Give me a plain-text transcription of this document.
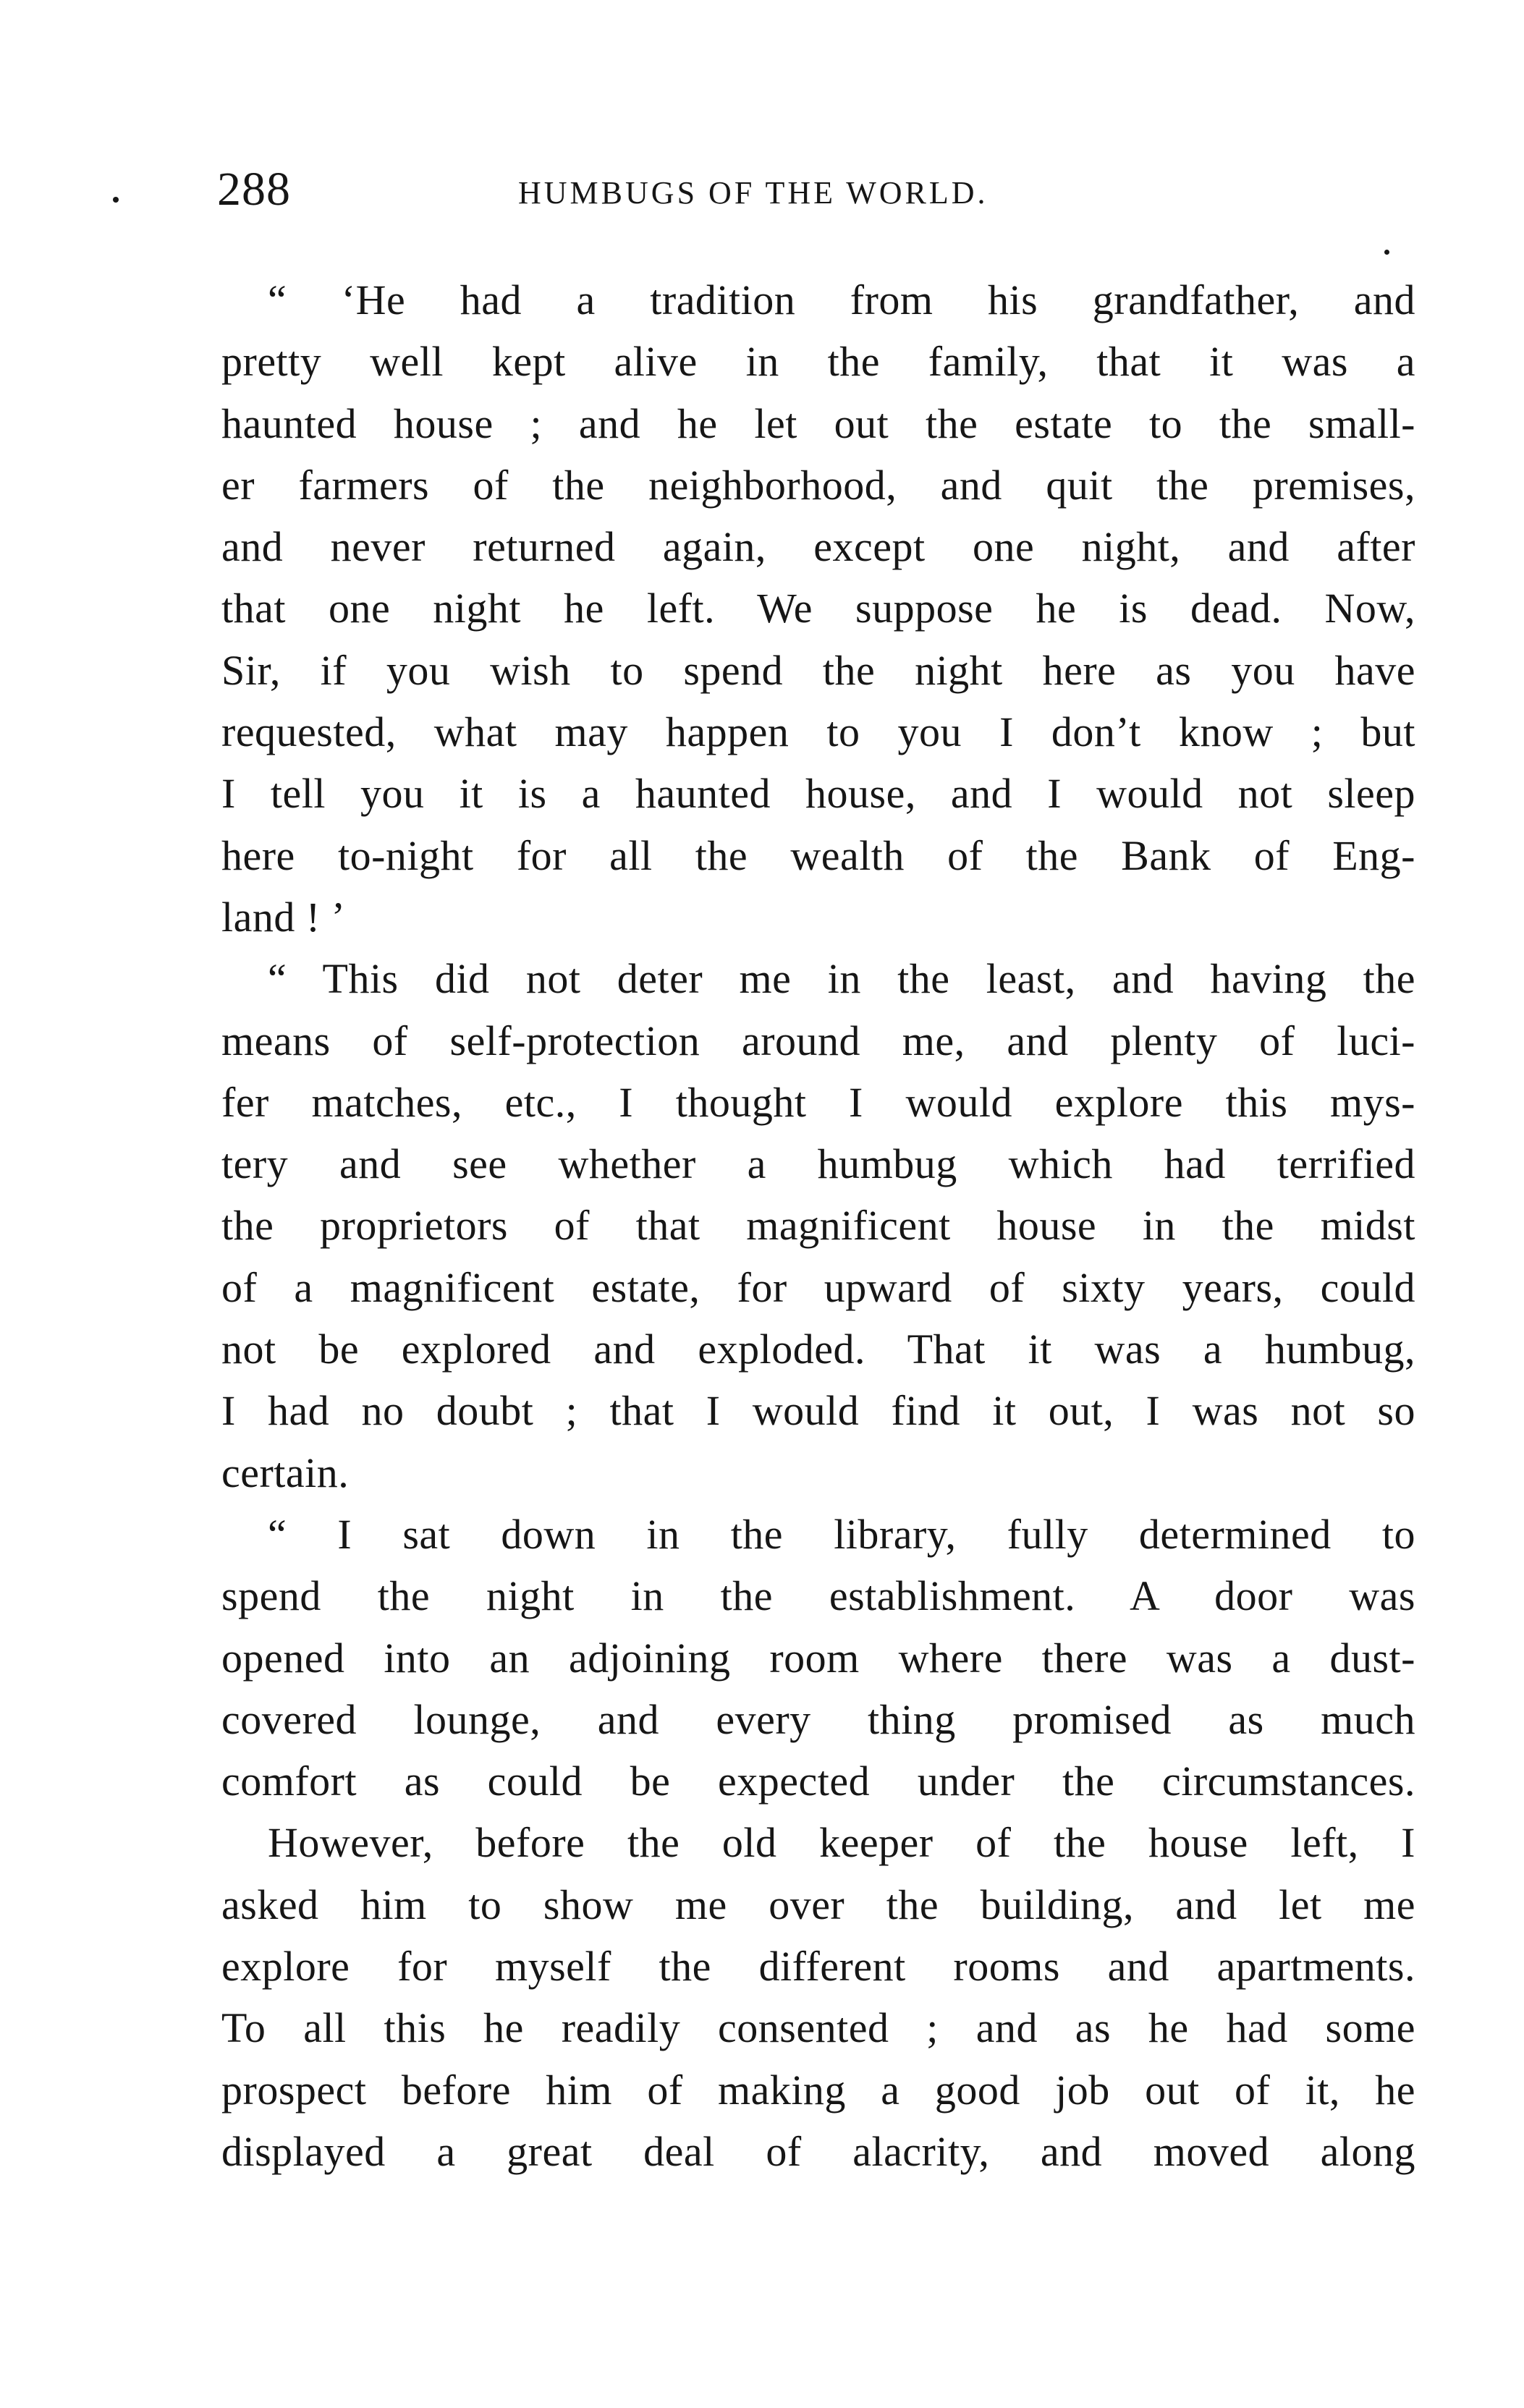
288	HUMBUGS OF THE WORLD.
“ ‘He had a tradition from his grandfather, and
pretty well kept alive in the family, that it was a
haunted house ; and he let out the estate to the small-
er farmers of the neighborhood, and quit the premises,
and never returned again, except one night, and after
that one night he left. We suppose he is dead. Now,
Sir, if you wish to spend the night here as you have
requested, what may happen to you I don’t know ; but
I tell you it is a haunted house, and I would not sleep
here to-night for all the wealth of the Bank of Eng-
land ! ’
“ This did not deter me in the least, and having the
means of self-protection around me, and plenty of luci-
fer matches, etc., I thought I would explore this mys-
tery and see whether a humbug which had terrified
the proprietors of that magnificent house in the midst
of a magnificent estate, for upward of sixty years, could
not be explored and exploded. That it was a humbug,
I had no doubt ; that I would find it out, I was not so
certain.
“ I sat down in the library, fully determined to
spend the night in the establishment. A door was
opened into an adjoining room where there was a dust-
covered lounge, and every thing promised as much
comfort as could be expected under the circumstances.
However, before the old keeper of the house left, I
asked him to show me over the building, and let me
explore for myself the different rooms and apartments.
To all this he readily consented ; and as he had some
prospect before him of making a good job out of it, he
displayed a great deal of alacrity, and moved along
